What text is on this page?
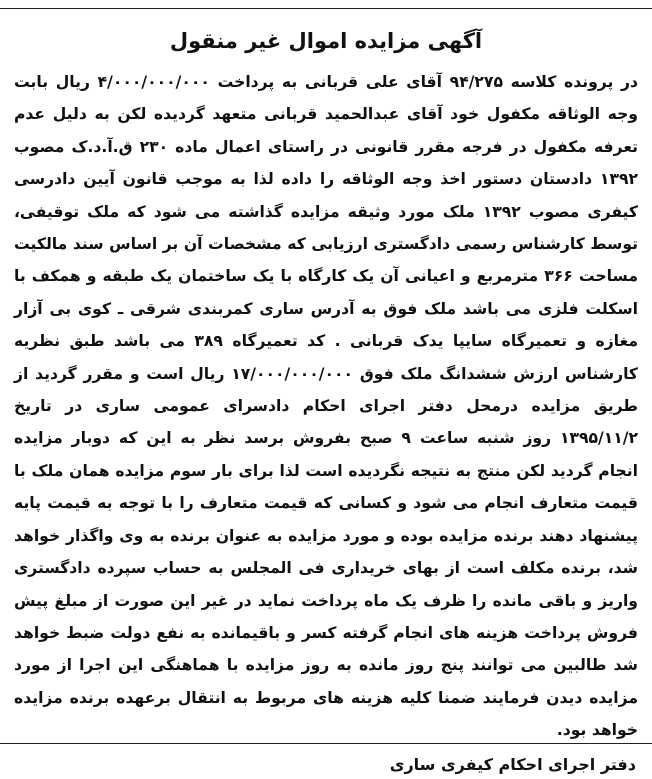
آگهی مزایده اموال غیر منقول

در پرونده کلاسه ۹۴/۲۷۵ آقای علی قربانی به پرداخت ۴/۰۰۰/۰۰۰/۰۰۰ ریال بابت وجه الوثاقه مکفول خود آقای عبدالحمید قربانی متعهد گردیده لکن به دلیل عدم تعرفه مکفول در فرجه مقرر قانونی در راستای اعمال ماده ۲۳۰ ق.آ.د.ک مصوب ۱۳۹۲ دادستان دستور اخذ وجه الوثاقه را داده لذا به موجب قانون آیین دادرسی کیفری مصوب ۱۳۹۲ ملک مورد وثیقه مزایده گذاشته می شود که ملک توقیفی، توسط کارشناس رسمی دادگستری ارزیابی که مشخصات آن بر اساس سند مالکیت مساحت ۳۶۶ مترمربع و اعیانی آن یک کارگاه با یک ساختمان یک طبقه و همکف با اسکلت فلزی می باشد ملک فوق به آدرس ساری کمربندی شرقی ـ کوی بی آزار مغازه و تعمیرگاه سایپا یدک قربانی . کد تعمیرگاه ۳۸۹ می باشد طبق نظریه کارشناس ارزش ششدانگ ملک فوق ۱۷/۰۰۰/۰۰۰/۰۰۰ ریال است و مقرر گردید از طریق مزایده درمحل دفتر اجرای احکام دادسرای عمومی ساری در تاریخ ۱۳۹۵/۱۱/۲ روز شنبه ساعت ۹ صبح بفروش برسد نظر به این که دوبار مزایده انجام گردید لکن منتج به نتیجه نگردیده است لذا برای بار سوم مزایده همان ملک با قیمت متعارف انجام می شود و کسانی که قیمت متعارف را با توجه به قیمت پایه پیشنهاد دهند برنده مزایده بوده و مورد مزایده به عنوان برنده به وی واگذار خواهد شد، برنده مکلف است از بهای خریداری فی المجلس به حساب سپرده دادگستری واریز و باقی مانده را ظرف یک ماه پرداخت نماید در غیر این صورت از مبلغ پیش فروش پرداخت هزینه های انجام گرفته کسر و باقیمانده به نفع دولت ضبط خواهد شد طالبین می توانند پنج روز مانده به روز مزایده با هماهنگی این اجرا از مورد مزایده دیدن فرمایند ضمنا کلیه هزینه های مربوط به انتقال برعهده برنده مزایده خواهد بود.

دفتر اجرای احکام کیفری ساری
